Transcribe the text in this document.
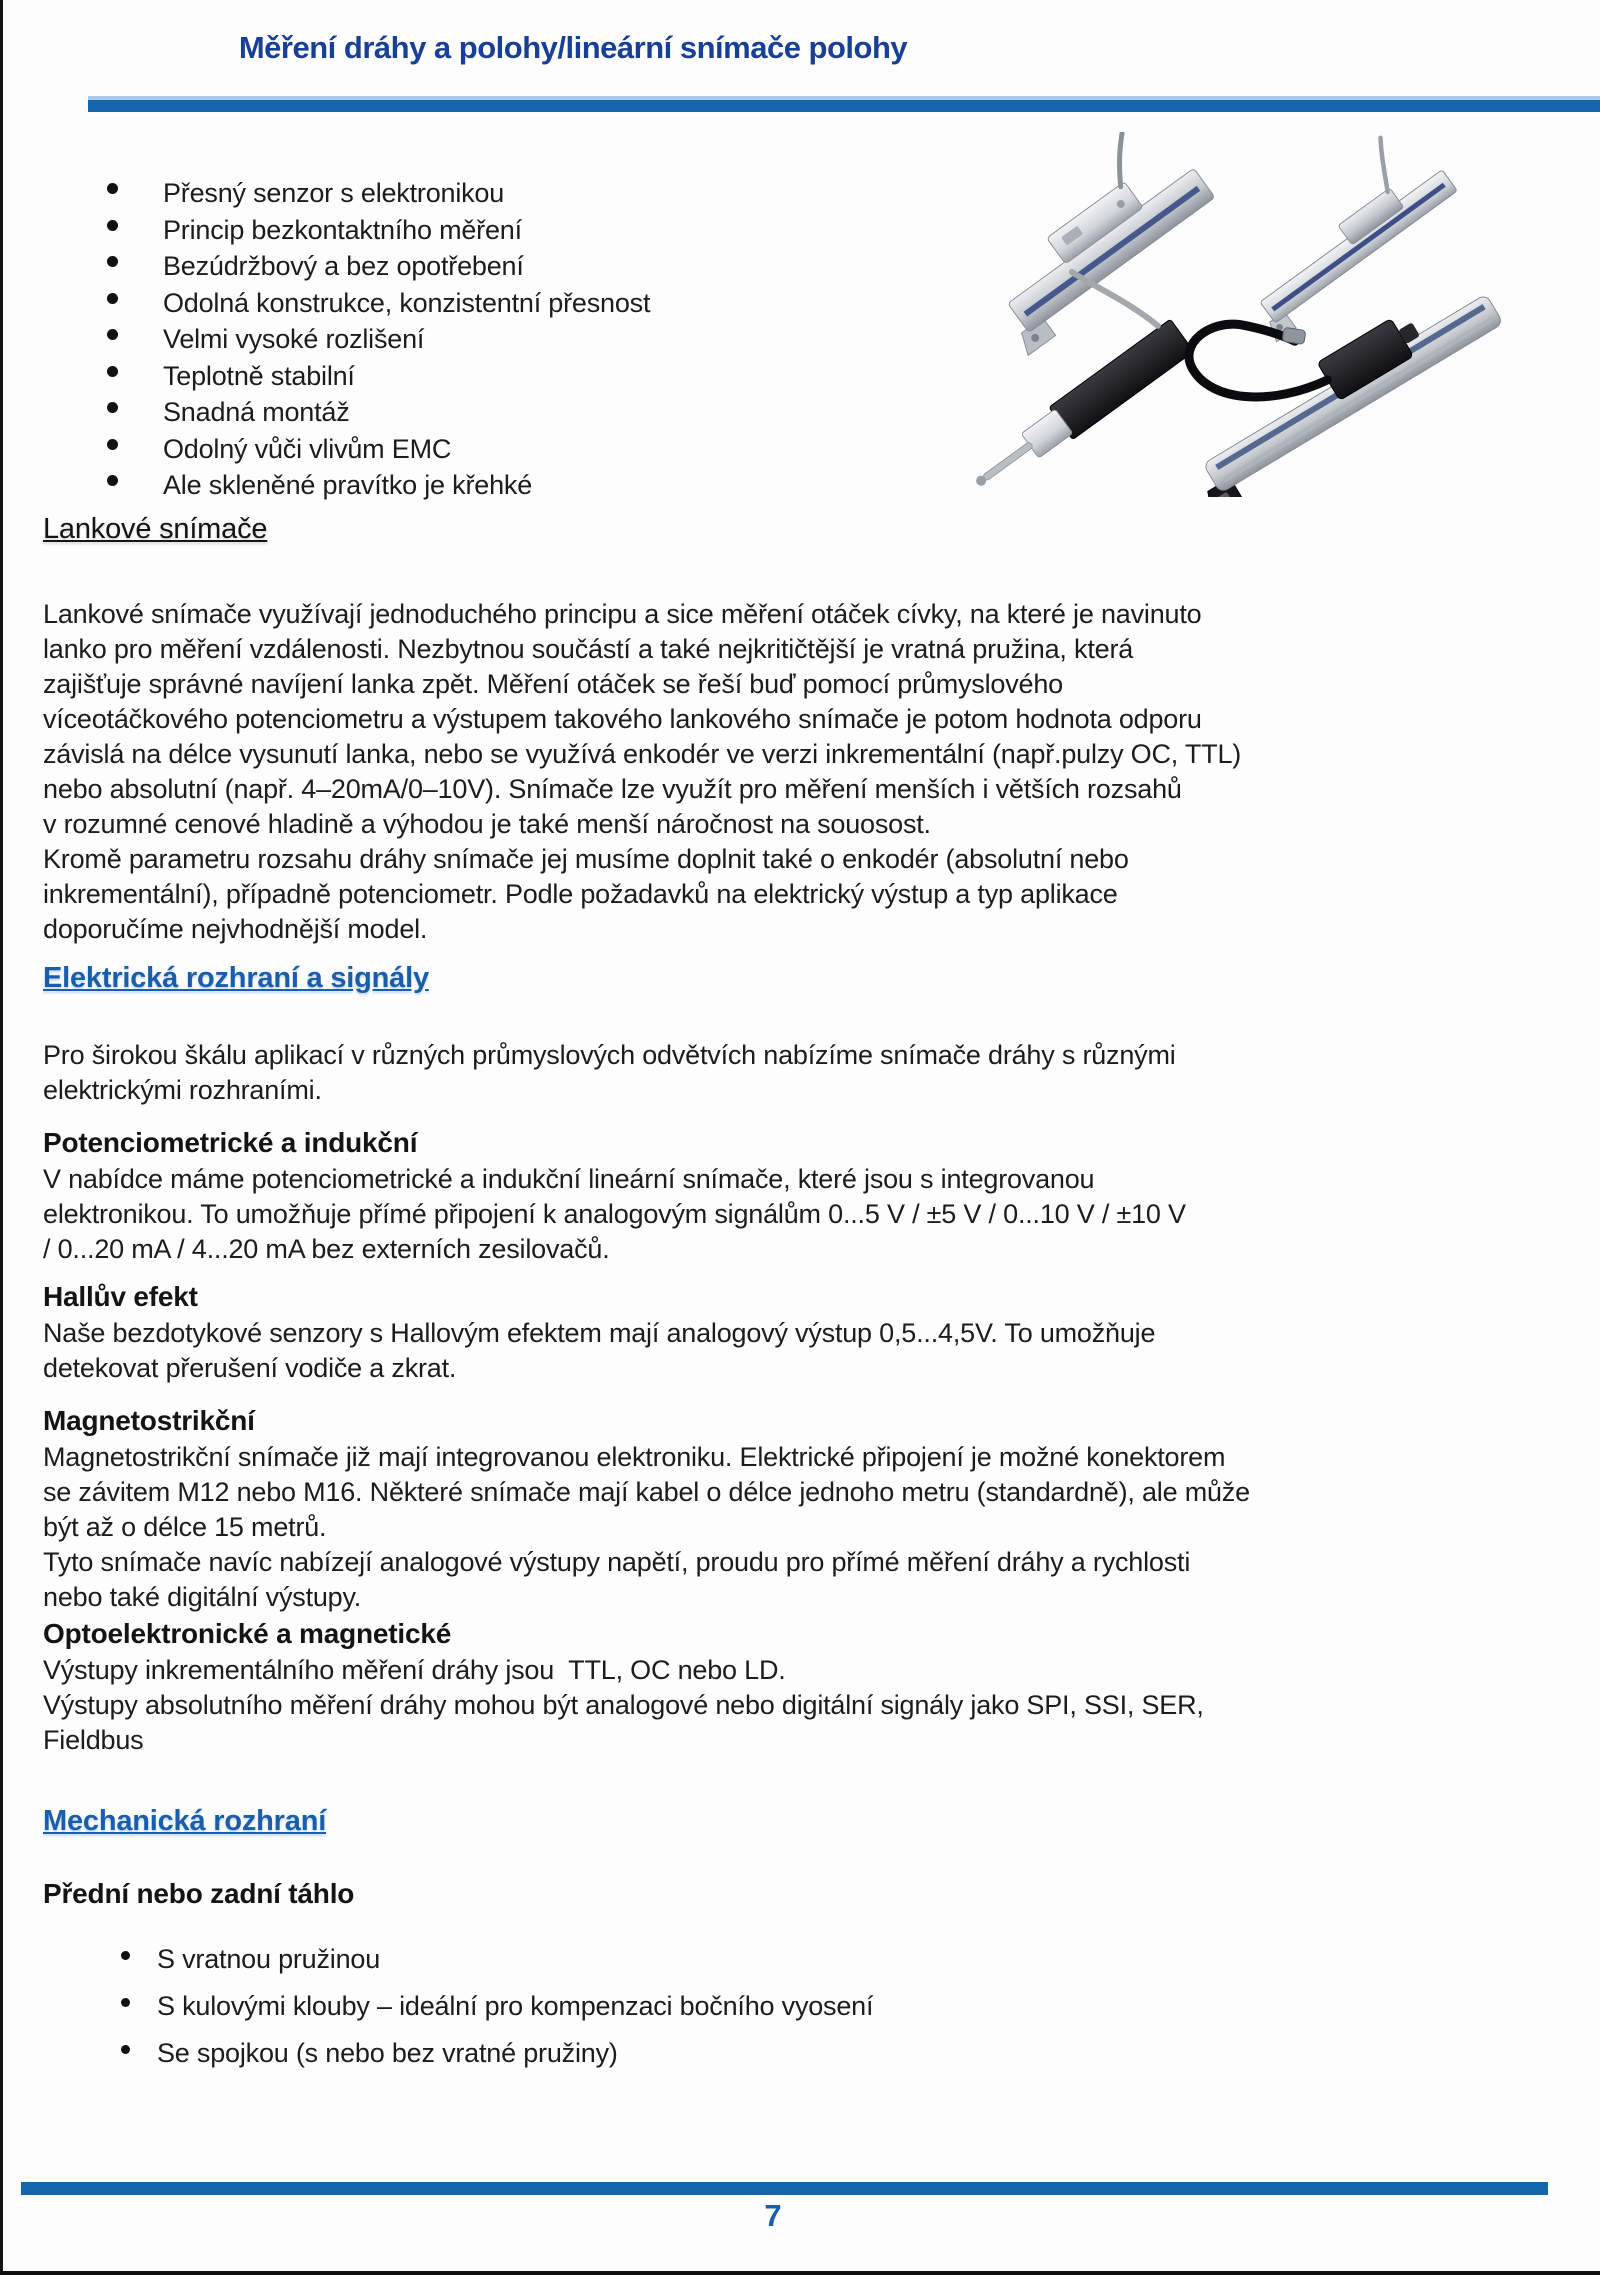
Měření dráhy a polohy/lineární snímače polohy
Přesný senzor s elektronikou
Princip bezkontaktního měření
Bezúdržbový a bez opotřebení
Odolná konstrukce, konzistentní přesnost
Velmi vysoké rozlišení
Teplotně stabilní
Snadná montáž
Odolný vůči vlivům EMC
Ale skleněné pravítko je křehké
Lankové snímače
Lankové snímače využívají jednoduchého principu a sice měření otáček cívky, na které je navinuto
lanko pro měření vzdálenosti. Nezbytnou součástí a také nejkritičtější je vratná pružina, která
zajišťuje správné navíjení lanka zpět. Měření otáček se řeší buď pomocí průmyslového
víceotáčkového potenciometru a výstupem takového lankového snímače je potom hodnota odporu
závislá na délce vysunutí lanka, nebo se využívá enkodér ve verzi inkrementální (např.pulzy OC, TTL)
nebo absolutní (např. 4–20mA/0–10V). Snímače lze využít pro měření menších i větších rozsahů
v rozumné cenové hladině a výhodou je také menší náročnost na souosost.
Kromě parametru rozsahu dráhy snímače jej musíme doplnit také o enkodér (absolutní nebo
inkrementální), případně potenciometr. Podle požadavků na elektrický výstup a typ aplikace
doporučíme nejvhodnější model.
Elektrická rozhraní a signály
Pro širokou škálu aplikací v různých průmyslových odvětvích nabízíme snímače dráhy s různými
elektrickými rozhraními.
Potenciometrické a indukční
V nabídce máme potenciometrické a indukční lineární snímače, které jsou s integrovanou
elektronikou. To umožňuje přímé připojení k analogovým signálům 0...5 V / ±5 V / 0...10 V / ±10 V
/ 0...20 mA / 4...20 mA bez externích zesilovačů.
Hallův efekt
Naše bezdotykové senzory s Hallovým efektem mají analogový výstup 0,5...4,5V. To umožňuje
detekovat přerušení vodiče a zkrat.
Magnetostrikční
Magnetostrikční snímače již mají integrovanou elektroniku. Elektrické připojení je možné konektorem
se závitem M12 nebo M16. Některé snímače mají kabel o délce jednoho metru (standardně), ale může
být až o délce 15 metrů.
Tyto snímače navíc nabízejí analogové výstupy napětí, proudu pro přímé měření dráhy a rychlosti
nebo také digitální výstupy.
Optoelektronické a magnetické
Výstupy inkrementálního měření dráhy jsou  TTL, OC nebo LD.
Výstupy absolutního měření dráhy mohou být analogové nebo digitální signály jako SPI, SSI, SER,
Fieldbus
Mechanická rozhraní
Přední nebo zadní táhlo
S vratnou pružinou
S kulovými klouby – ideální pro kompenzaci bočního vyosení
Se spojkou (s nebo bez vratné pružiny)
7
